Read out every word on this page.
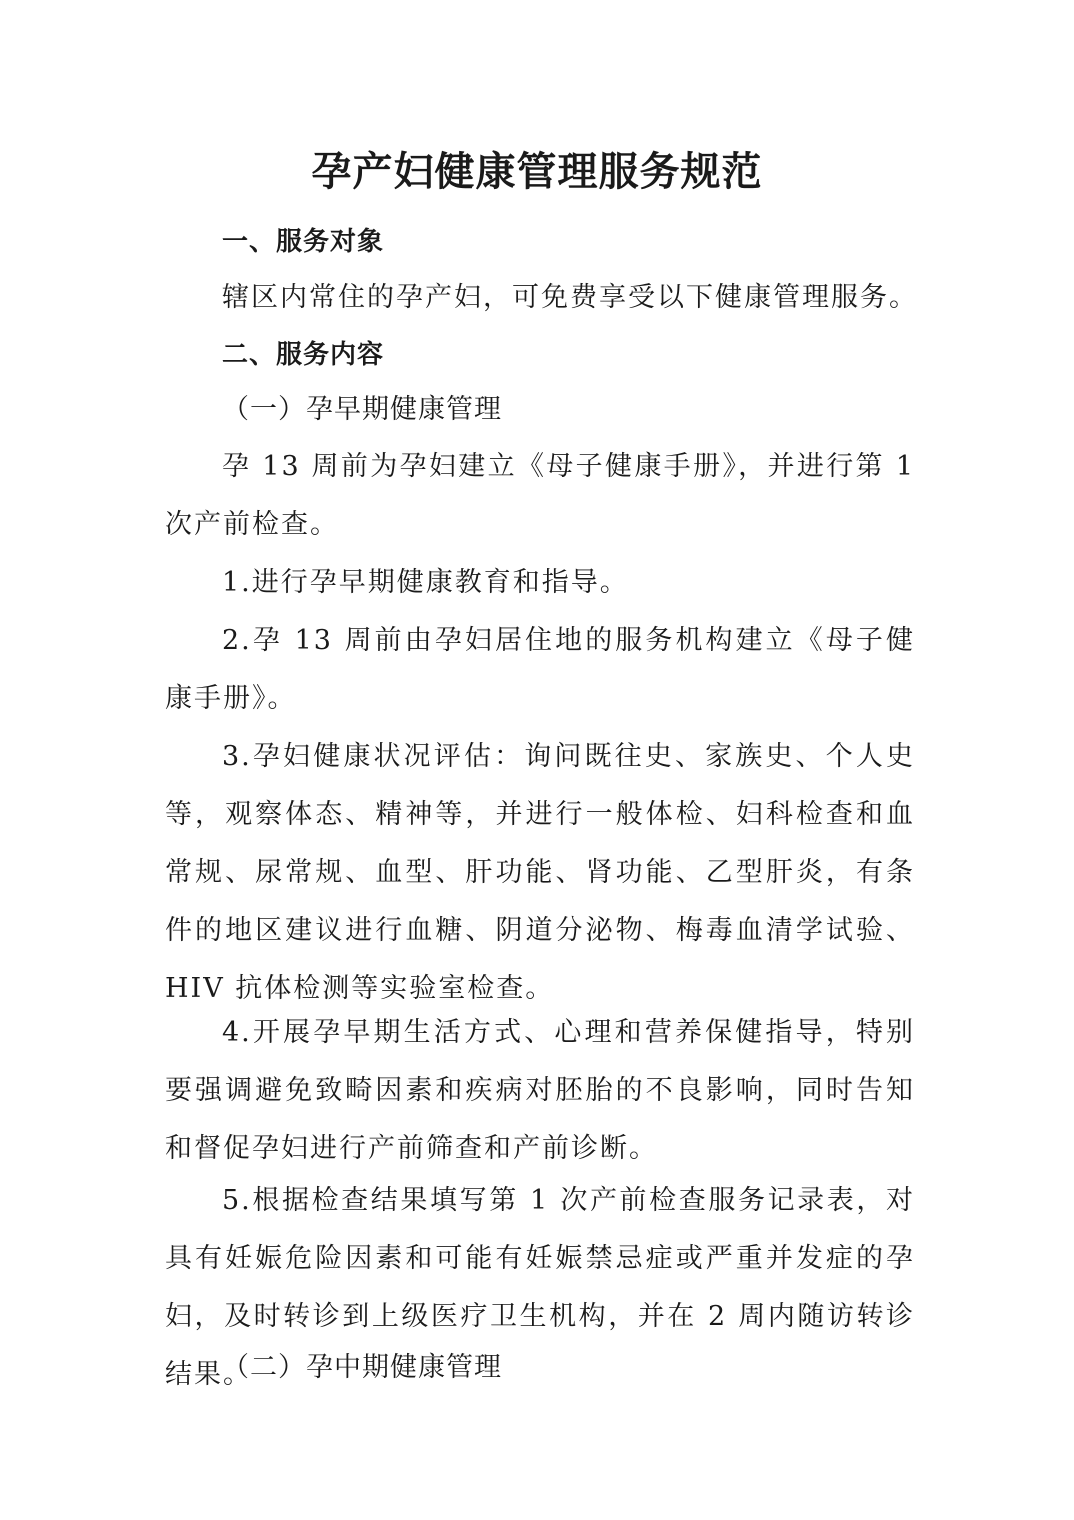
孕产妇健康管理服务规范
一、服务对象
辖区内常住的孕产妇，可免费享受以下健康管理服务。
二、服务内容
（一）孕早期健康管理
孕 13 周前为孕妇建立《母子健康手册》，并进行第 1 次产前检查。
1.进行孕早期健康教育和指导。
2.孕 13 周前由孕妇居住地的服务机构建立《母子健康手册》。
3.孕妇健康状况评估：询问既往史、家族史、个人史等，观察体态、精神等，并进行一般体检、妇科检查和血常规、尿常规、血型、肝功能、肾功能、乙型肝炎，有条件的地区建议进行血糖、阴道分泌物、梅毒血清学试验、HIV 抗体检测等实验室检查。
4.开展孕早期生活方式、心理和营养保健指导，特别要强调避免致畸因素和疾病对胚胎的不良影响，同时告知和督促孕妇进行产前筛查和产前诊断。
5.根据检查结果填写第 1 次产前检查服务记录表，对具有妊娠危险因素和可能有妊娠禁忌症或严重并发症的孕妇，及时转诊到上级医疗卫生机构，并在 2 周内随访转诊结果。
（二）孕中期健康管理
